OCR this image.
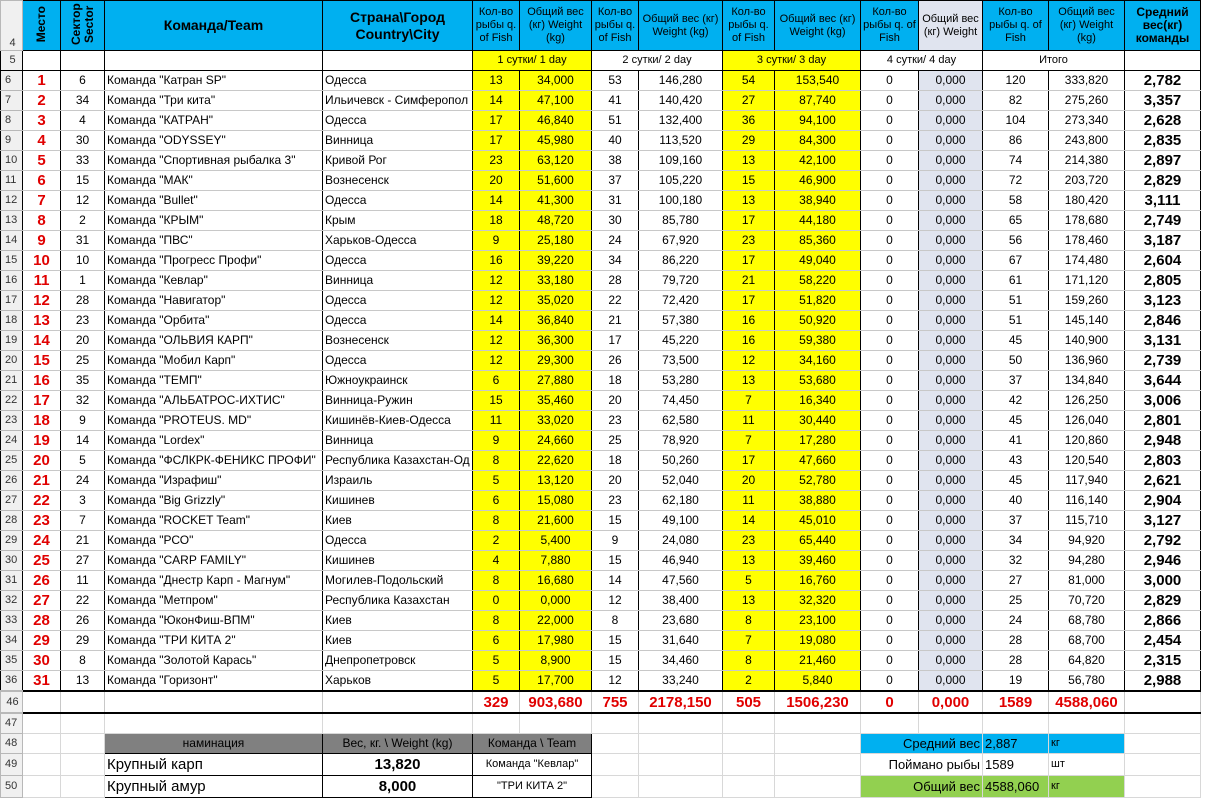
4	Место	Сектор Sector	Команда/Team	Страна\Город Country\City	Кол-во рыбы q. of Fish	Общий вес (кг) Weight (kg)	Кол-во рыбы q. of Fish	Общий вес (кг) Weight (kg)	Кол-во рыбы q. of Fish	Общий вес (кг) Weight (kg)	Кол-во рыбы q. of Fish	Общий вес (кг) Weight	Кол-во рыбы q. of Fish	Общий вес (кг) Weight (kg)	Средний вес(кг) команды
5					1 сутки/ 1 day		2 сутки/ 2 day		3 сутки/ 3 day		4 сутки/ 4 day		Итого		
6	1	6	Команда "Катран SP"	Одесса	13	34,000	53	146,280	54	153,540	0	0,000	120	333,820	2,782
7	2	34	Команда "Три кита"	Ильичевск - Симферопол	14	47,100	41	140,420	27	87,740	0	0,000	82	275,260	3,357
8	3	4	Команда "КАТРАН"	Одесса	17	46,840	51	132,400	36	94,100	0	0,000	104	273,340	2,628
9	4	30	Команда "ODYSSEY"	Винница	17	45,980	40	113,520	29	84,300	0	0,000	86	243,800	2,835
10	5	33	Команда "Спортивная рыбалка 3"	Кривой Рог	23	63,120	38	109,160	13	42,100	0	0,000	74	214,380	2,897
11	6	15	Команда "МАК"	Вознесенск	20	51,600	37	105,220	15	46,900	0	0,000	72	203,720	2,829
12	7	12	Команда "Bullet"	Одесса	14	41,300	31	100,180	13	38,940	0	0,000	58	180,420	3,111
13	8	2	Команда "КРЫМ"	Крым	18	48,720	30	85,780	17	44,180	0	0,000	65	178,680	2,749
14	9	31	Команда "ПВС"	Харьков-Одесса	9	25,180	24	67,920	23	85,360	0	0,000	56	178,460	3,187
15	10	10	Команда "Прогресс Профи"	Одесса	16	39,220	34	86,220	17	49,040	0	0,000	67	174,480	2,604
16	11	1	Команда "Кевлар"	Винница	12	33,180	28	79,720	21	58,220	0	0,000	61	171,120	2,805
17	12	28	Команда "Навигатор"	Одесса	12	35,020	22	72,420	17	51,820	0	0,000	51	159,260	3,123
18	13	23	Команда "Орбита"	Одесса	14	36,840	21	57,380	16	50,920	0	0,000	51	145,140	2,846
19	14	20	Команда "ОЛЬВИЯ КАРП"	Вознесенск	12	36,300	17	45,220	16	59,380	0	0,000	45	140,900	3,131
20	15	25	Команда "Мобил Карп"	Одесса	12	29,300	26	73,500	12	34,160	0	0,000	50	136,960	2,739
21	16	35	Команда "ТЕМП"	Южноукраинск	6	27,880	18	53,280	13	53,680	0	0,000	37	134,840	3,644
22	17	32	Команда "АЛЬБАТРОС-ИХТИС"	Винница-Ружин	15	35,460	20	74,450	7	16,340	0	0,000	42	126,250	3,006
23	18	9	Команда "PROTEUS. MD"	Кишинёв-Киев-Одесса	11	33,020	23	62,580	11	30,440	0	0,000	45	126,040	2,801
24	19	14	Команда "Lordex"	Винница	9	24,660	25	78,920	7	17,280	0	0,000	41	120,860	2,948
25	20	5	Команда "ФСЛКРК-ФЕНИКС ПРОФИ"	Республика Казахстан-Од	8	22,620	18	50,260	17	47,660	0	0,000	43	120,540	2,803
26	21	24	Команда "Израфиш"	Израиль	5	13,120	20	52,040	20	52,780	0	0,000	45	117,940	2,621
27	22	3	Команда "Big Grizzly"	Кишинев	6	15,080	23	62,180	11	38,880	0	0,000	40	116,140	2,904
28	23	7	Команда "ROCKET Team"	Киев	8	21,600	15	49,100	14	45,010	0	0,000	37	115,710	3,127
29	24	21	Команда "РСО"	Одесса	2	5,400	9	24,080	23	65,440	0	0,000	34	94,920	2,792
30	25	27	Команда "CARP FAMILY"	Кишинев	4	7,880	15	46,940	13	39,460	0	0,000	32	94,280	2,946
31	26	11	Команда "Днестр Карп - Магнум"	Могилев-Подольский	8	16,680	14	47,560	5	16,760	0	0,000	27	81,000	3,000
32	27	22	Команда "Метпром"	Республика Казахстан	0	0,000	12	38,400	13	32,320	0	0,000	25	70,720	2,829
33	28	26	Команда "ЮконФиш-ВПМ"	Киев	8	22,000	8	23,680	8	23,100	0	0,000	24	68,780	2,866
34	29	29	Команда "ТРИ КИТА 2"	Киев	6	17,980	15	31,640	7	19,080	0	0,000	28	68,700	2,454
35	30	8	Команда "Золотой Карась"	Днепропетровск	5	8,900	15	34,460	8	21,460	0	0,000	28	64,820	2,315
36	31	13	Команда "Горизонт"	Харьков	5	17,700	12	33,240	2	5,840	0	0,000	19	56,780	2,988
46					329	903,680	755	2178,150	505	1506,230	0	0,000	1589	4588,060	
47															
48			наминация	Вес, кг. \ Weight (kg)	Команда \ Team						Средний вес		2,887	кг	
49			Крупный карп	13,820	Команда "Кевлар"						Поймано рыбы		1589	шт	
50			Крупный амур	8,000	"ТРИ КИТА 2"						Общий вес		4588,060	кг	
